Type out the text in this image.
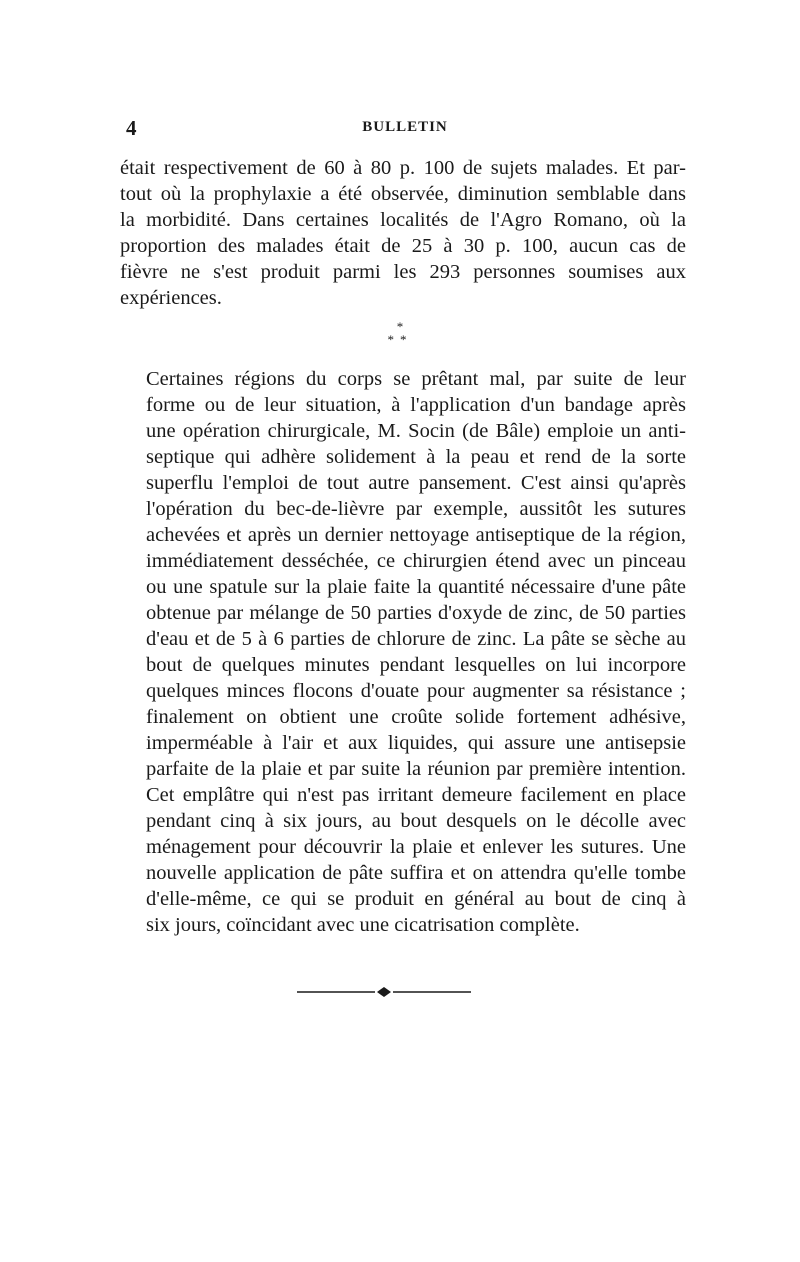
4	BULLETIN
était respectivement de 60 à 80 p. 100 de sujets malades. Et par-
tout où la prophylaxie a été observée, diminution semblable dans
la morbidité. Dans certaines localités de l'Agro Romano, où la
proportion des malades était de 25 à 30 p. 100, aucun cas de
fièvre ne s'est produit parmi les 293 personnes soumises aux
expériences.
*
**
Certaines régions du corps se prêtant mal, par suite de leur
forme ou de leur situation, à l'application d'un bandage après
une opération chirurgicale, M. Socin (de Bâle) emploie un anti-
septique qui adhère solidement à la peau et rend de la sorte
superflu l'emploi de tout autre pansement. C'est ainsi qu'après
l'opération du bec-de-lièvre par exemple, aussitôt les sutures
achevées et après un dernier nettoyage antiseptique de la région,
immédiatement desséchée, ce chirurgien étend avec un pinceau
ou une spatule sur la plaie faite la quantité nécessaire d'une pâte
obtenue par mélange de 50 parties d'oxyde de zinc, de 50 parties
d'eau et de 5 à 6 parties de chlorure de zinc. La pâte se sèche au
bout de quelques minutes pendant lesquelles on lui incorpore
quelques minces flocons d'ouate pour augmenter sa résistance ;
finalement on obtient une croûte solide fortement adhésive,
imperméable à l'air et aux liquides, qui assure une antisepsie
parfaite de la plaie et par suite la réunion par première intention.
Cet emplâtre qui n'est pas irritant demeure facilement en place
pendant cinq à six jours, au bout desquels on le décolle avec
ménagement pour découvrir la plaie et enlever les sutures. Une
nouvelle application de pâte suffira et on attendra qu'elle tombe
d'elle-même, ce qui se produit en général au bout de cinq à
six jours, coïncidant avec une cicatrisation complète.
